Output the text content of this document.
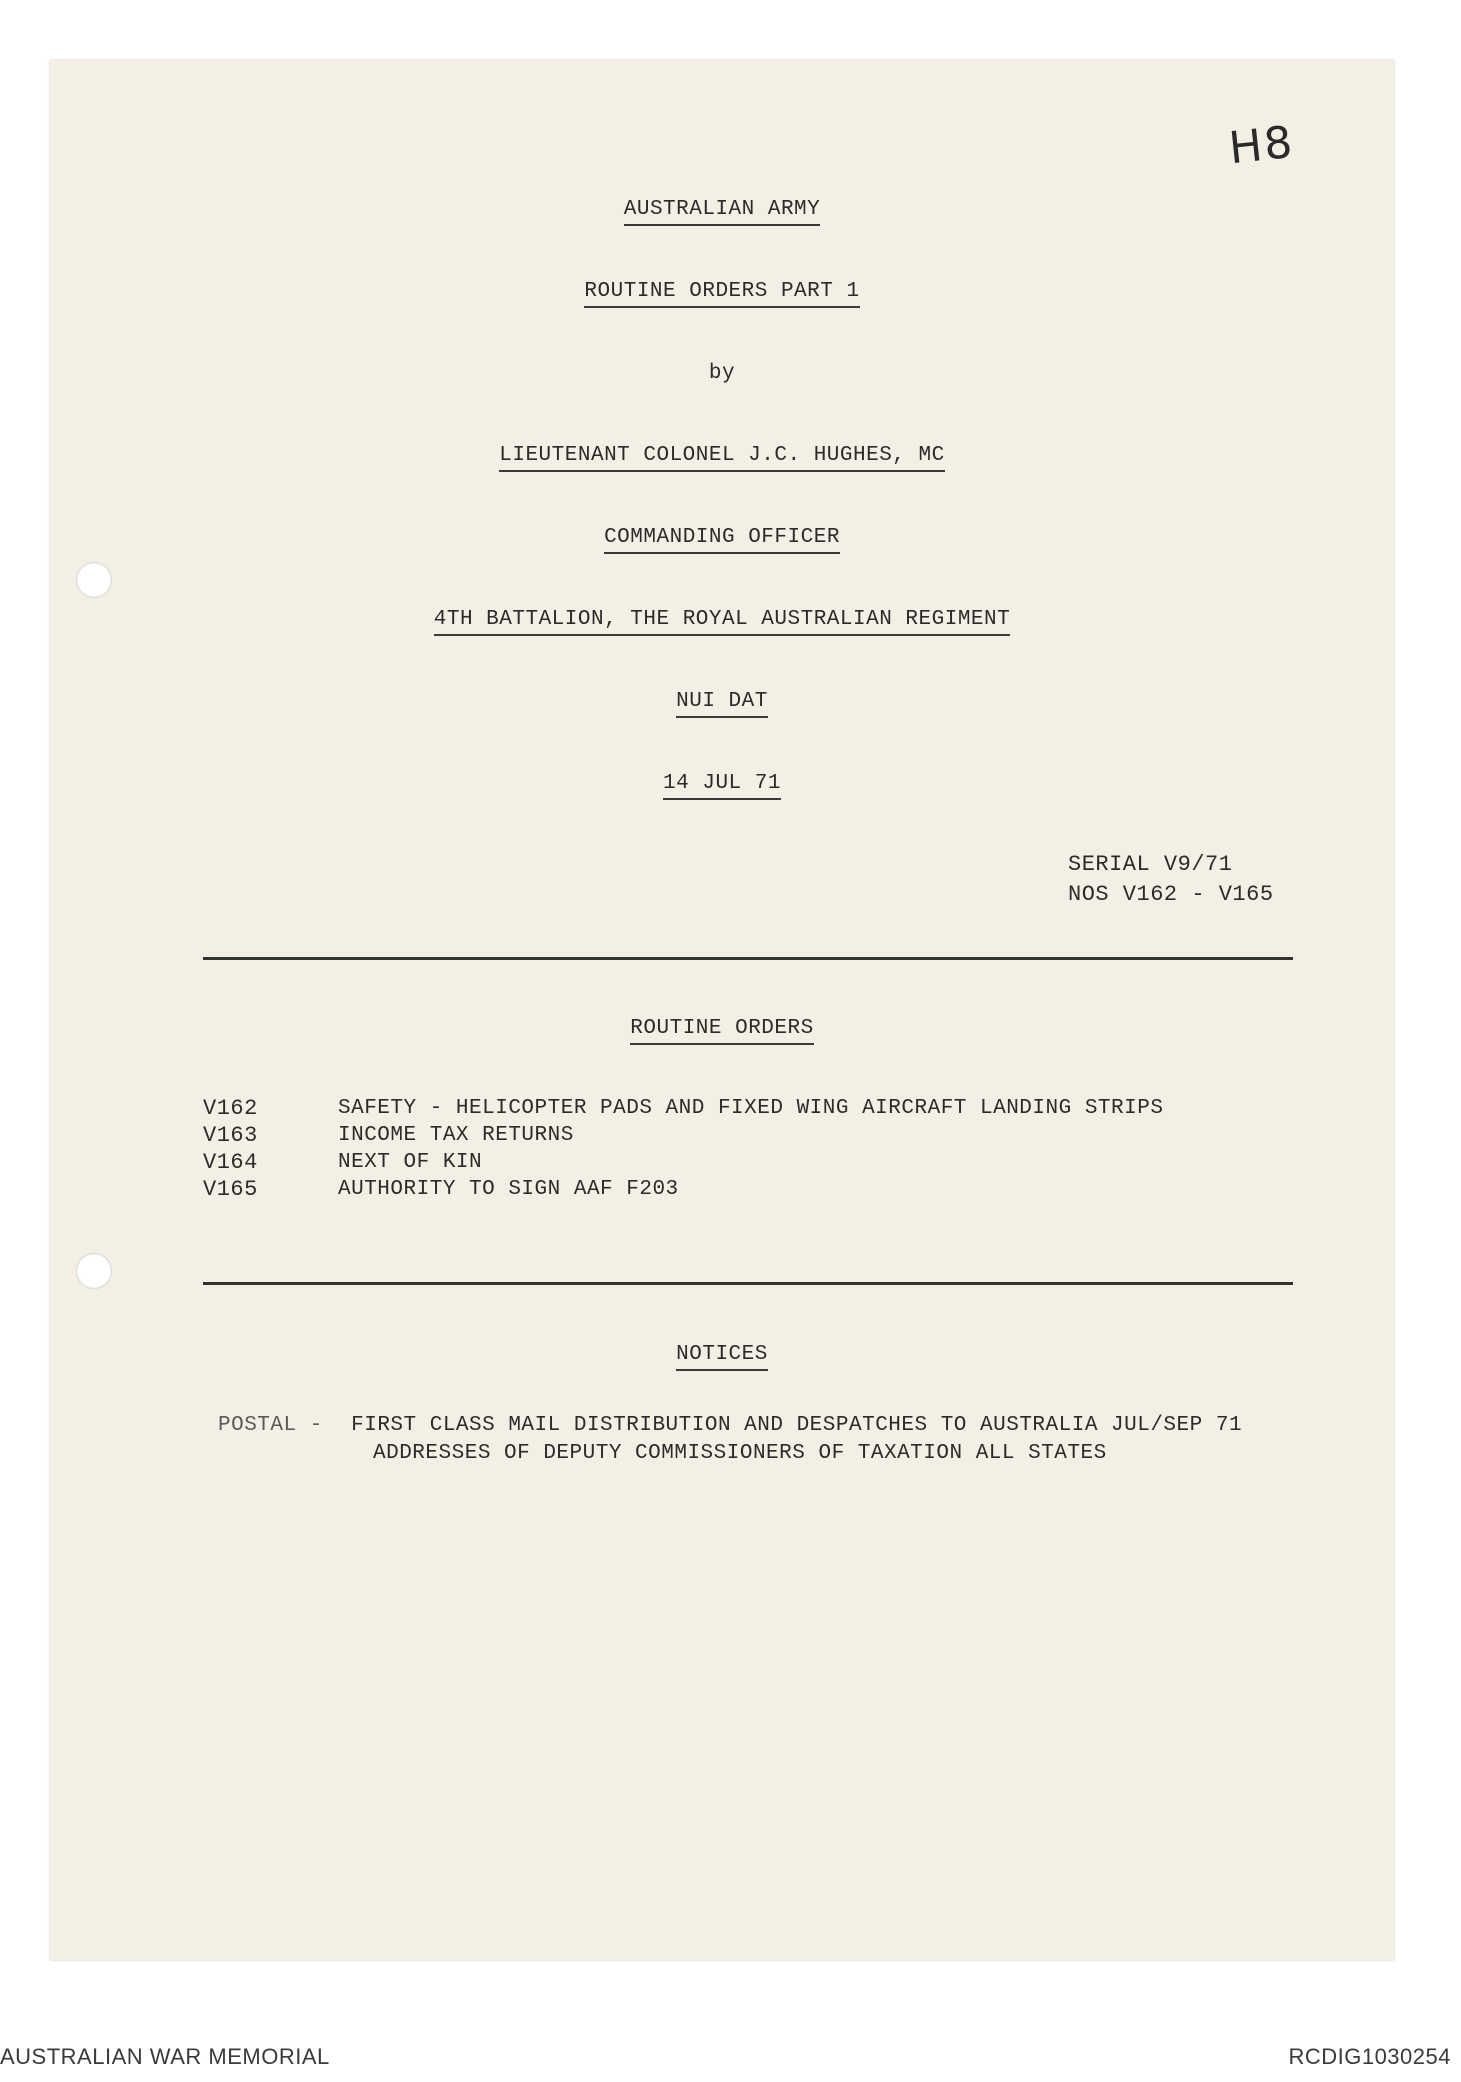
H8
AUSTRALIAN ARMY
ROUTINE ORDERS PART 1
by
LIEUTENANT COLONEL J.C. HUGHES, MC
COMMANDING OFFICER
4TH BATTALION, THE ROYAL AUSTRALIAN REGIMENT
NUI DAT
14 JUL 71
SERIAL V9/71
NOS V162 - V165
ROUTINE ORDERS
V162	SAFETY - HELICOPTER PADS AND FIXED WING AIRCRAFT LANDING STRIPS
V163	INCOME TAX RETURNS
V164	NEXT OF KIN
V165	AUTHORITY TO SIGN AAF F203
NOTICES
POSTAL - FIRST CLASS MAIL DISTRIBUTION AND DESPATCHES TO AUSTRALIA JUL/SEP 71
ADDRESSES OF DEPUTY COMMISSIONERS OF TAXATION ALL STATES
AUSTRALIAN WAR MEMORIAL	RCDIG1030254
